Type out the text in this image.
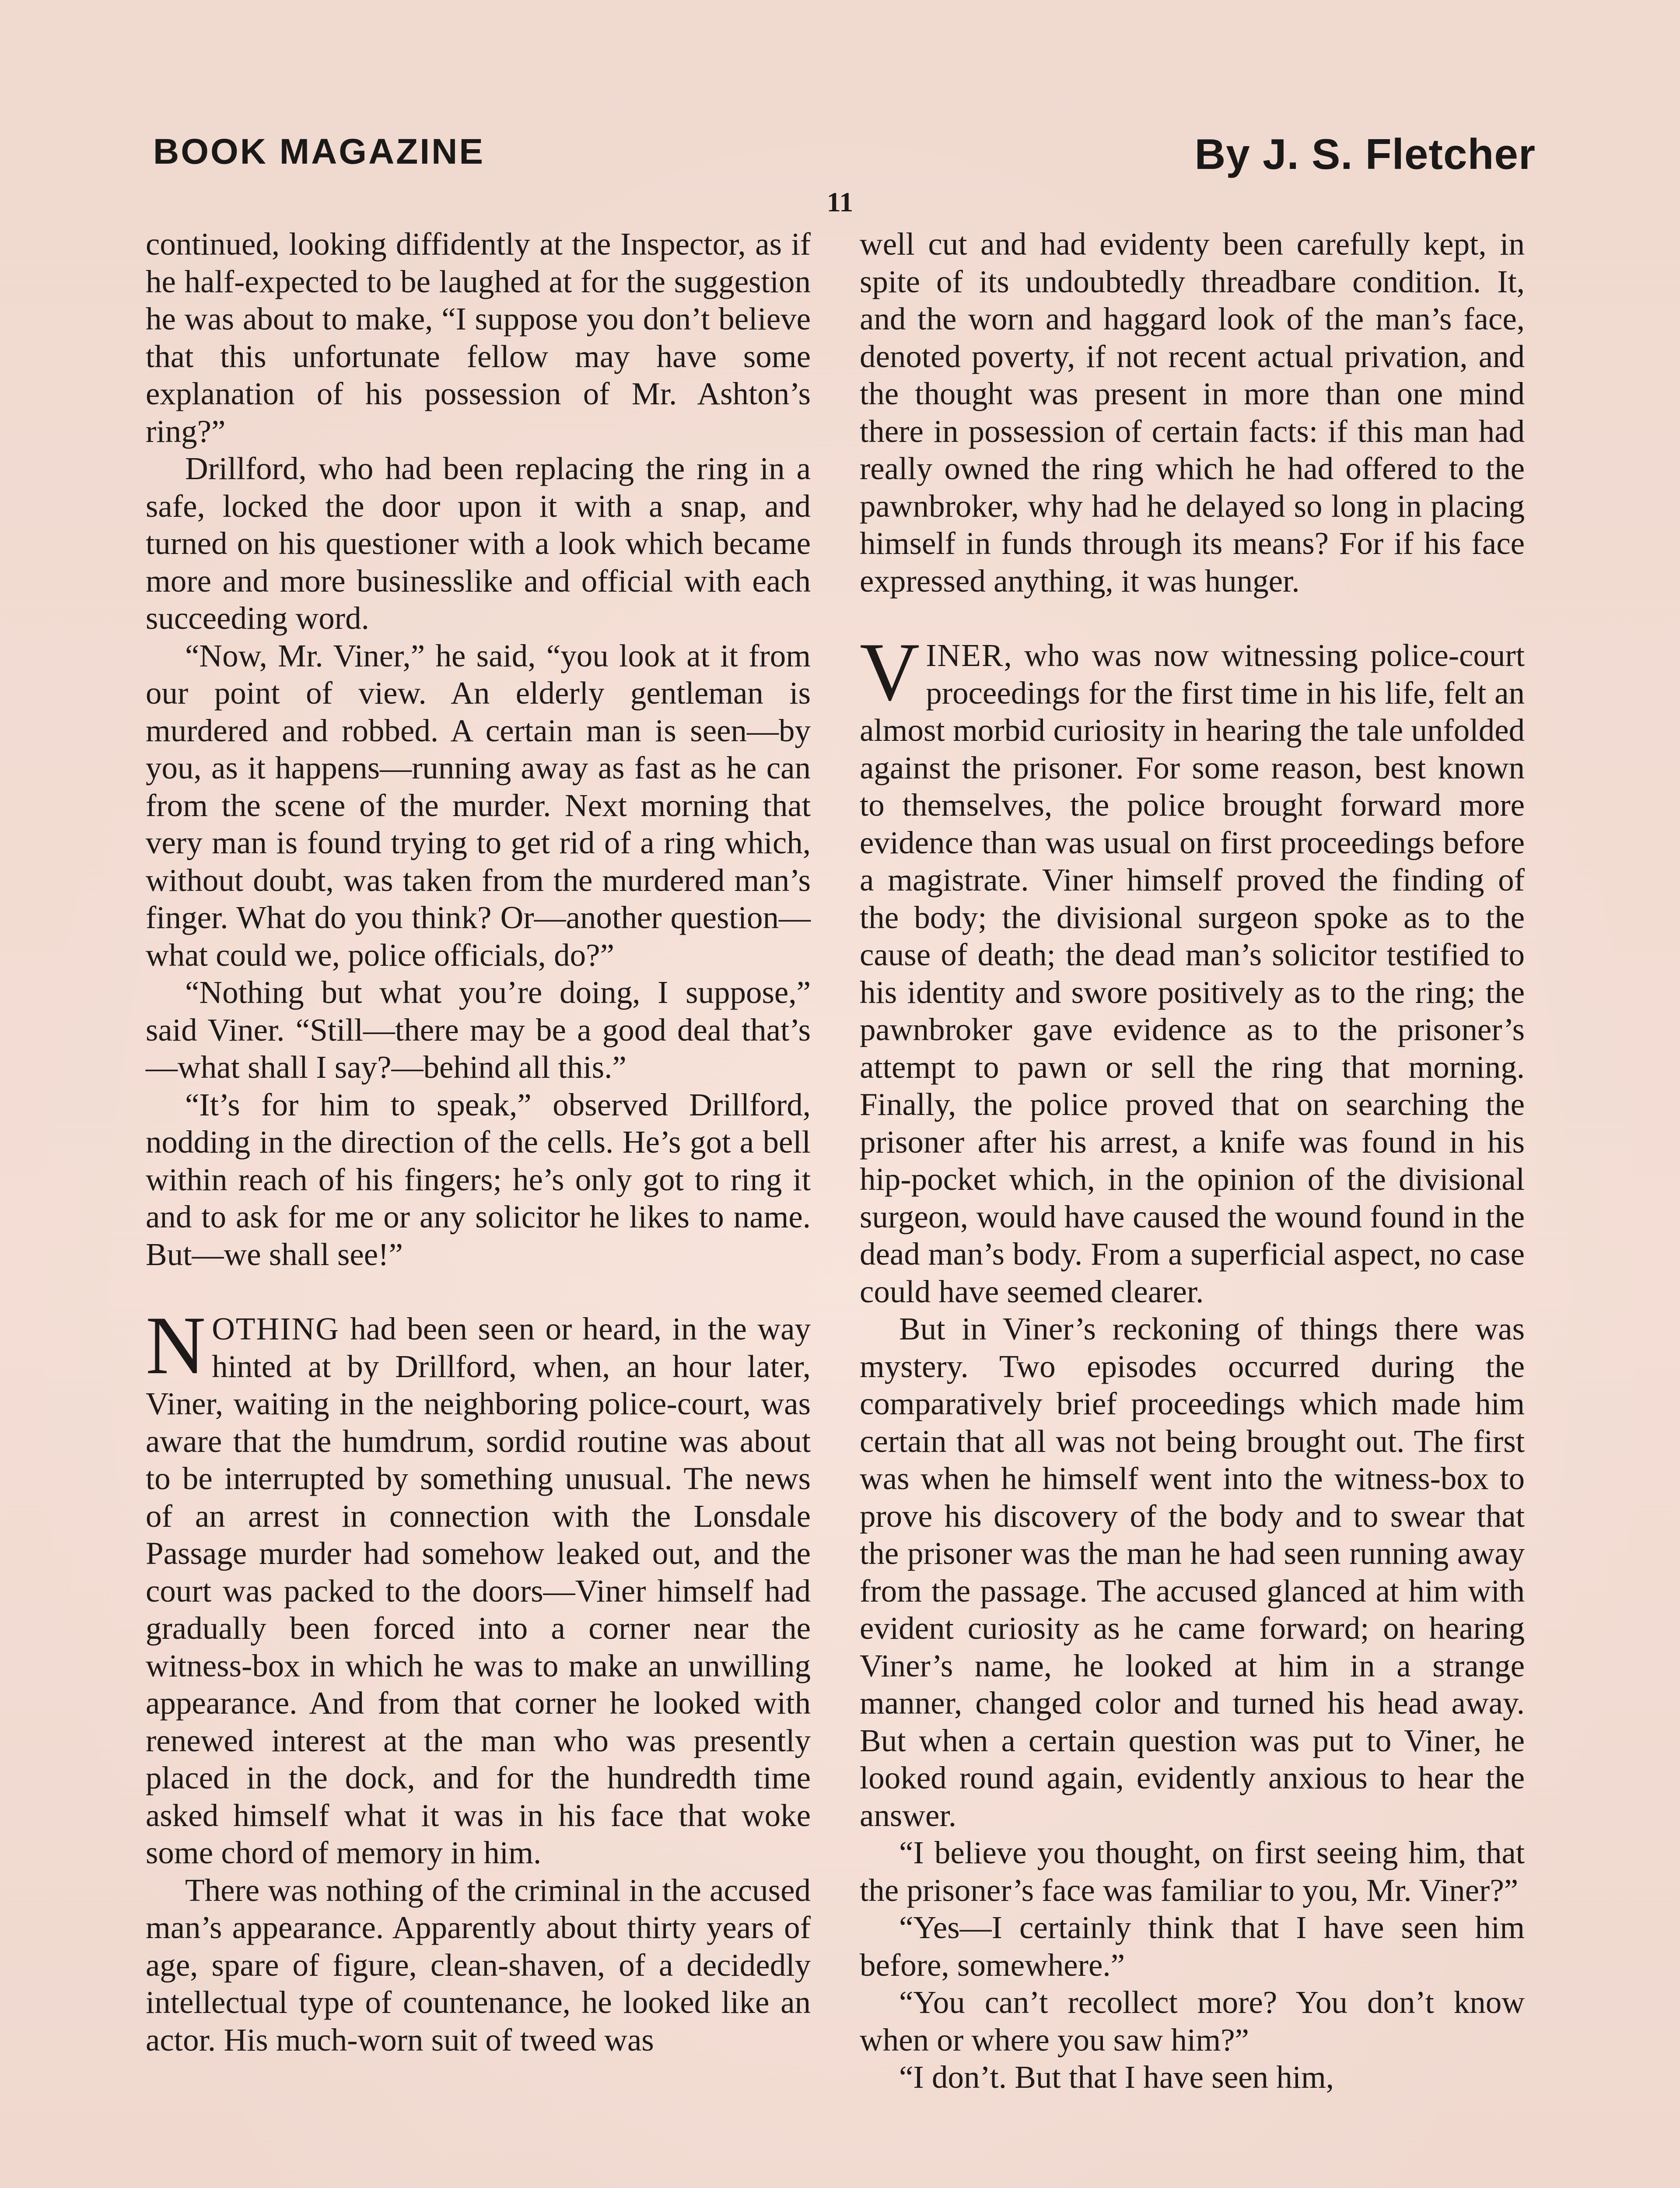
BOOK MAGAZINE	By J. S. Fletcher
11

continued, looking diffidently at the Inspector, as if he half-expected to be laughed at for the suggestion he was about to make, “I suppose you don’t believe that this unfortunate fellow may have some explanation of his possession of Mr. Ashton’s ring?”

Drillford, who had been replacing the ring in a safe, locked the door upon it with a snap, and turned on his questioner with a look which became more and more businesslike and official with each succeeding word.

“Now, Mr. Viner,” he said, “you look at it from our point of view. An elderly gentleman is murdered and robbed. A certain man is seen—by you, as it happens—running away as fast as he can from the scene of the murder. Next morning that very man is found trying to get rid of a ring which, without doubt, was taken from the murdered man’s finger. What do you think? Or—another question—what could we, police officials, do?”

“Nothing but what you’re doing, I suppose,” said Viner. “Still—there may be a good deal that’s—what shall I say?—behind all this.”

“It’s for him to speak,” observed Drillford, nodding in the direction of the cells. He’s got a bell within reach of his fingers; he’s only got to ring it and to ask for me or any solicitor he likes to name. But—we shall see!”

NOTHING had been seen or heard, in the way hinted at by Drillford, when, an hour later, Viner, waiting in the neighboring police-court, was aware that the humdrum, sordid routine was about to be interrupted by something unusual. The news of an arrest in connection with the Lonsdale Passage murder had somehow leaked out, and the court was packed to the doors—Viner himself had gradually been forced into a corner near the witness-box in which he was to make an unwilling appearance. And from that corner he looked with renewed interest at the man who was presently placed in the dock, and for the hundredth time asked himself what it was in his face that woke some chord of memory in him.

There was nothing of the criminal in the accused man’s appearance. Apparently about thirty years of age, spare of figure, clean-shaven, of a decidedly intellectual type of countenance, he looked like an actor. His much-worn suit of tweed was

well cut and had evidenty been carefully kept, in spite of its undoubtedly threadbare condition. It, and the worn and haggard look of the man’s face, denoted poverty, if not recent actual privation, and the thought was present in more than one mind there in possession of certain facts: if this man had really owned the ring which he had offered to the pawnbroker, why had he delayed so long in placing himself in funds through its means? For if his face expressed anything, it was hunger.

VINER, who was now witnessing police-court proceedings for the first time in his life, felt an almost morbid curiosity in hearing the tale unfolded against the prisoner. For some reason, best known to themselves, the police brought forward more evidence than was usual on first proceedings before a magistrate. Viner himself proved the finding of the body; the divisional surgeon spoke as to the cause of death; the dead man’s solicitor testified to his identity and swore positively as to the ring; the pawnbroker gave evidence as to the prisoner’s attempt to pawn or sell the ring that morning. Finally, the police proved that on searching the prisoner after his arrest, a knife was found in his hip-pocket which, in the opinion of the divisional surgeon, would have caused the wound found in the dead man’s body. From a superficial aspect, no case could have seemed clearer.

But in Viner’s reckoning of things there was mystery. Two episodes occurred during the comparatively brief proceedings which made him certain that all was not being brought out. The first was when he himself went into the witness-box to prove his discovery of the body and to swear that the prisoner was the man he had seen running away from the passage. The accused glanced at him with evident curiosity as he came forward; on hearing Viner’s name, he looked at him in a strange manner, changed color and turned his head away. But when a certain question was put to Viner, he looked round again, evidently anxious to hear the answer.

“I believe you thought, on first seeing him, that the prisoner’s face was familiar to you, Mr. Viner?”

“Yes—I certainly think that I have seen him before, somewhere.”

“You can’t recollect more? You don’t know when or where you saw him?”

“I don’t. But that I have seen him,
